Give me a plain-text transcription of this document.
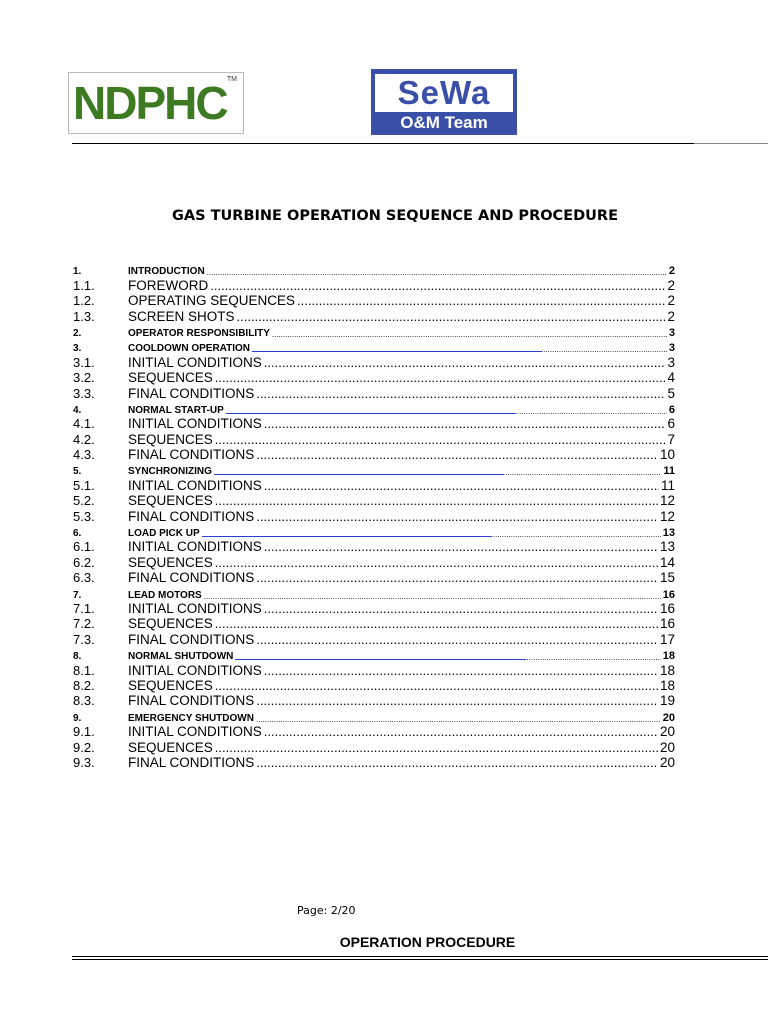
NDPHC TM	SeWa
O&M Team
GAS TURBINE OPERATION SEQUENCE AND PROCEDURE
1.	INTRODUCTION .....	2
1.1.	FOREWORD .....	2
1.2.	OPERATING SEQUENCES .....	2
1.3.	SCREEN SHOTS .....	2
2.	OPERATOR RESPONSIBILITY .....	3
3.	COOLDOWN OPERATION .....	3
3.1.	INITIAL CONDITIONS .....	3
3.2.	SEQUENCES .....	4
3.3.	FINAL CONDITIONS .....	5
4.	NORMAL START-UP .....	6
4.1.	INITIAL CONDITIONS .....	6
4.2.	SEQUENCES .....	7
4.3.	FINAL CONDITIONS .....	10
5.	SYNCHRONIZING .....	11
5.1.	INITIAL CONDITIONS .....	11
5.2.	SEQUENCES .....	12
5.3.	FINAL CONDITIONS .....	12
6.	LOAD PICK UP .....	13
6.1.	INITIAL CONDITIONS .....	13
6.2.	SEQUENCES .....	14
6.3.	FINAL CONDITIONS .....	15
7.	LEAD MOTORS .....	16
7.1.	INITIAL CONDITIONS .....	16
7.2.	SEQUENCES .....	16
7.3.	FINAL CONDITIONS .....	17
8.	NORMAL SHUTDOWN .....	18
8.1.	INITIAL CONDITIONS .....	18
8.2.	SEQUENCES .....	18
8.3.	FINAL CONDITIONS .....	19
9.	EMERGENCY SHUTDOWN .....	20
9.1.	INITIAL CONDITIONS .....	20
9.2.	SEQUENCES .....	20
9.3.	FINAL CONDITIONS .....	20
Page: 2/20
OPERATION PROCEDURE
